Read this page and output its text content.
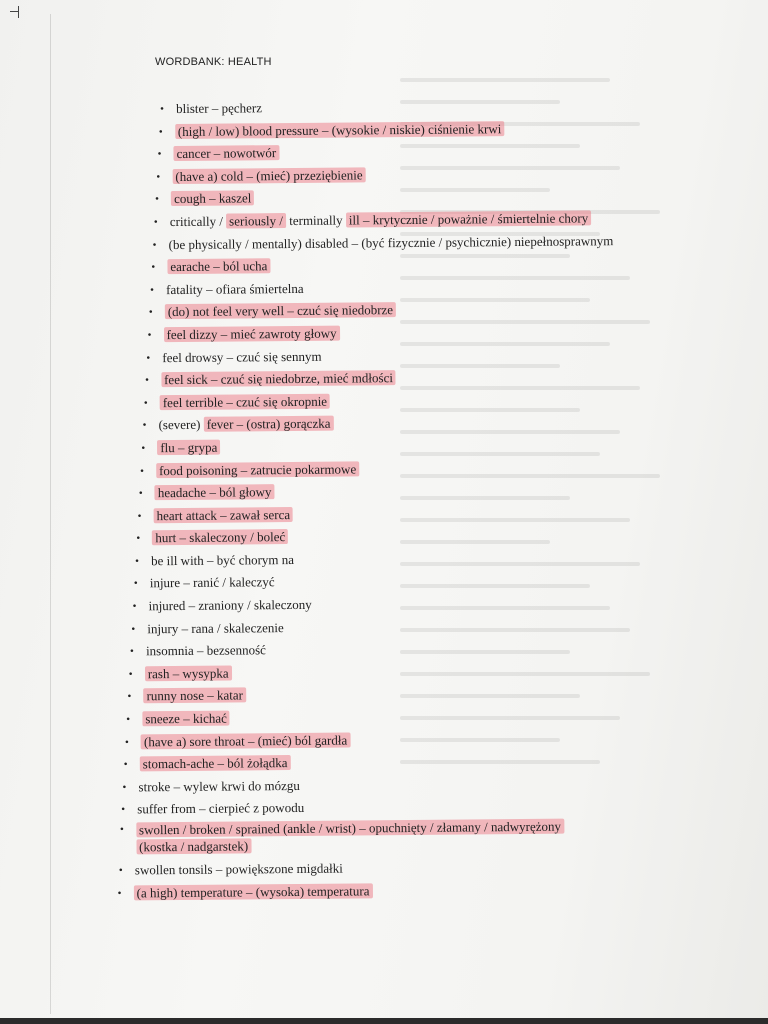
WORDBANK: HEALTH
• blister – pęcherz
• (high / low) blood pressure – (wysokie / niskie) ciśnienie krwi
• cancer – nowotwór
• (have a) cold – (mieć) przeziębienie
• cough – kaszel
• critically / seriously / terminally ill – krytycznie / poważnie / śmiertelnie chory
• (be physically / mentally) disabled – (być fizycznie / psychicznie) niepełnosprawnym
• earache – ból ucha
• fatality – ofiara śmiertelna
• (do) not feel very well – czuć się niedobrze
• feel dizzy – mieć zawroty głowy
• feel drowsy – czuć się sennym
• feel sick – czuć się niedobrze, mieć mdłości
• feel terrible – czuć się okropnie
• (severe) fever – (ostra) gorączka
• flu – grypa
• food poisoning – zatrucie pokarmowe
• headache – ból głowy
• heart attack – zawał serca
• hurt – skaleczony / boleć
• be ill with – być chorym na
• injure – ranić / kaleczyć
• injured – zraniony / skaleczony
• injury – rana / skaleczenie
• insomnia – bezsenność
• rash – wysypka
• runny nose – katar
• sneeze – kichać
• (have a) sore throat – (mieć) ból gardła
• stomach-ache – ból żołądka
• stroke – wylew krwi do mózgu
• suffer from – cierpieć z powodu
• swollen / broken / sprained (ankle / wrist) – opuchnięty / złamany / nadwyrężony
(kostka / nadgarstek)
• swollen tonsils – powiększone migdałki
• (a high) temperature – (wysoka) temperatura
